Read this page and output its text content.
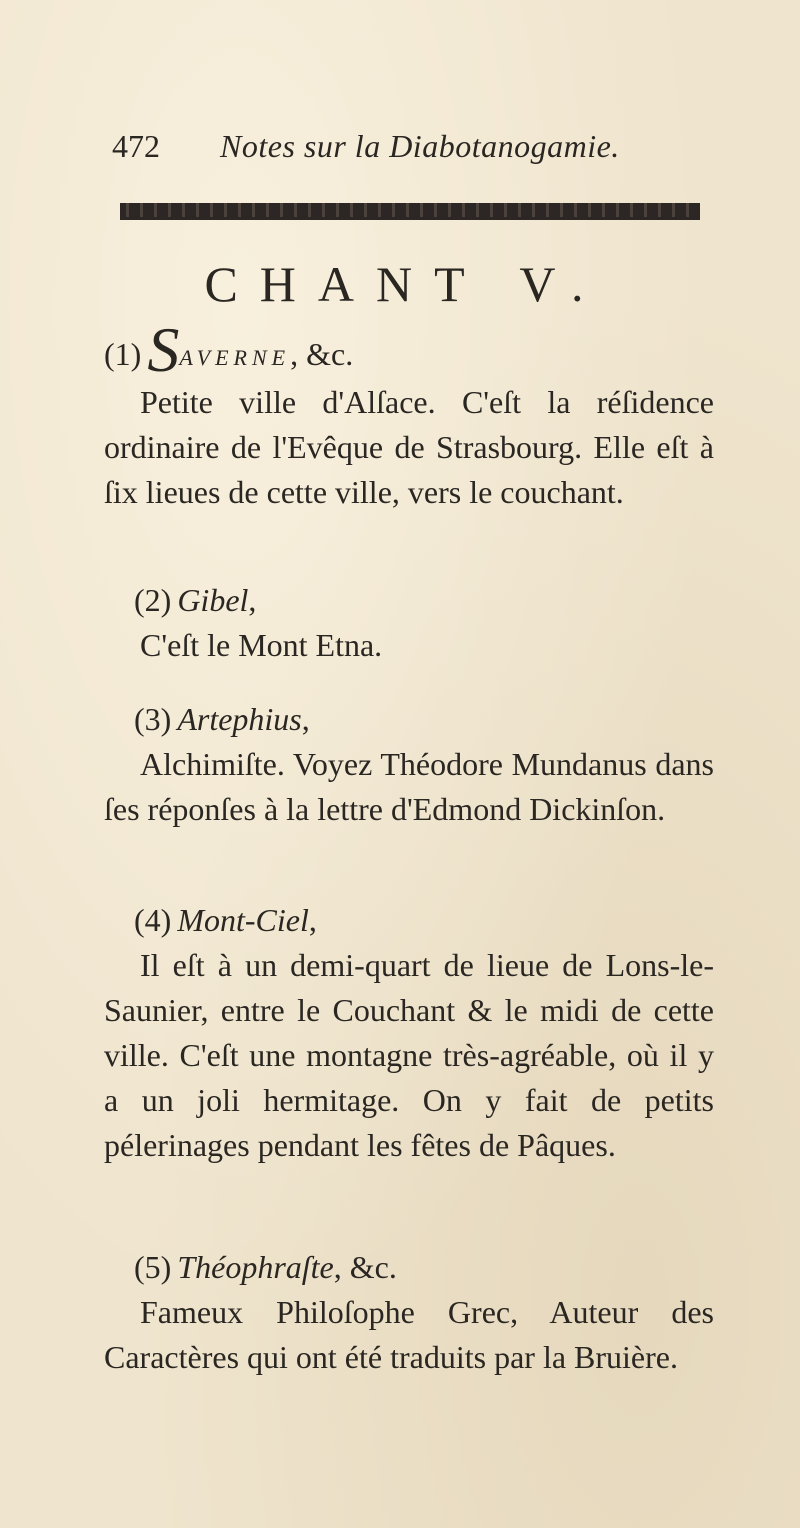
472 Notes sur la Diabotanogamie.
CHANT V.
(1)SAVERNE, &c.
Petite ville d'Alſace. C'eſt la réſidence ordinaire de l'Evêque de Strasbourg. Elle eſt à ſix lieues de cette ville, vers le couchant.
(2) Gibel,
C'eſt le Mont Etna.
(3) Artephius,
Alchimiſte. Voyez Théodore Mundanus dans ſes réponſes à la lettre d'Edmond Dickinſon.
(4) Mont-Ciel,
Il eſt à un demi-quart de lieue de Lons-le-Saunier, entre le Couchant & le midi de cette ville. C'eſt une montagne très-agréable, où il y a un joli hermitage. On y fait de petits pélerinages pendant les fêtes de Pâques.
(5) Théophraſte, &c.
Fameux Philoſophe Grec, Auteur des Caractères qui ont été traduits par la Bruière.
